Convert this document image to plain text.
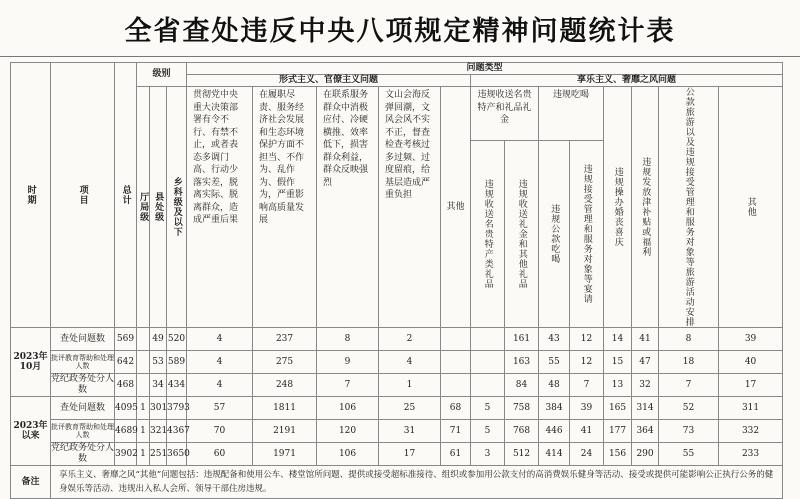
全省查处违反中央八项规定精神问题统计表
时期	项目	总计	级别			问题类型												
						形式主义、官僚主义问题					享乐主义、奢靡之风问题							

			厅局级	县处级	乡科级及以下	贯彻党中央重大决策部署有令不行、有禁不止，或者表态多调门高、行动少落实差，脱离实际、脱离群众，造成严重后果	在履职尽责、服务经济社会发展和生态环境保护方面不担当、不作为、乱作为、假作为，严重影响高质量发展	在联系服务群众中消极应付、冷硬横推、效率低下，损害群众利益，群众反映强烈	文山会海反弹回潮，文风会风不实不正，督查检查考核过多过频、过度留痕，给基层造成严重负担	其他	违规收送名贵特产和礼品礼金		违规吃喝		违规操办婚丧喜庆	违规发放津补贴或福利	公款旅游以及违规接受管理和服务对象等旅游活动安排	其他

											违规收送名贵特产类礼品	违规收送礼金和其他礼品	违规公款吃喝	违规接受管理和服务对象等宴请				

2023年10月	查处问题数	569		49	520	4	237	8	2			161	43	12	14	41	8	39
	批评教育帮助和处理人数	642		53	589	4	275	9	4			163	55	12	15	47	18	40
	党纪政务处分人数	468		34	434	4	248	7	1			84	48	7	13	32	7	17
2023年以来	查处问题数	4095	1	301	3793	57	1811	106	25	68	5	758	384	39	165	314	52	311
	批评教育帮助和处理人数	4689	1	321	4367	70	2191	120	31	71	5	768	446	41	177	364	73	332
	党纪政务处分人数	3902	1	251	3650	60	1971	106	17	61	3	512	414	24	156	290	55	233
备注	享乐主义、奢靡之风“其他”问题包括：违规配备和使用公车、楼堂馆所问题、提供或接受超标准接待、组织或参加用公款支付的高消费娱乐健身等活动、接受或提供可能影响公正执行公务的健身娱乐等活动、违规出入私人会所、领导干部住房违规。																	
